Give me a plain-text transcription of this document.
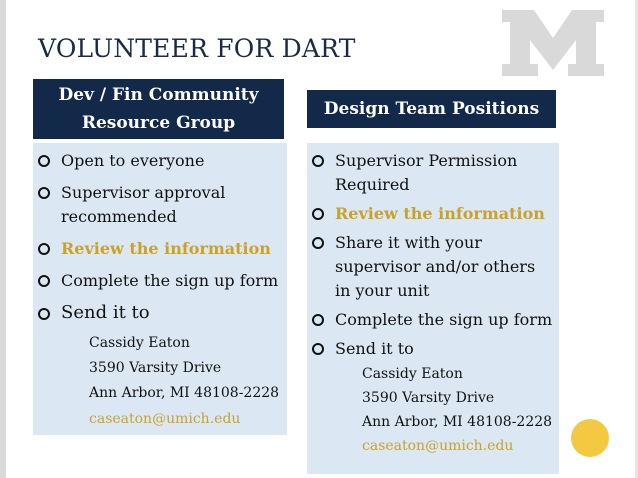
VOLUNTEER FOR DART
Dev / Fin Community
Resource Group
Open to everyone
Supervisor approval recommended
Review the information
Complete the sign up form
Send it to
Cassidy Eaton
3590 Varsity Drive
Ann Arbor, MI 48108-2228
caseaton@umich.edu
Design Team Positions
Supervisor Permission Required
Review the information
Share it with your supervisor and/or others in your unit
Complete the sign up form
Send it to
Cassidy Eaton
3590 Varsity Drive
Ann Arbor, MI 48108-2228
caseaton@umich.edu
